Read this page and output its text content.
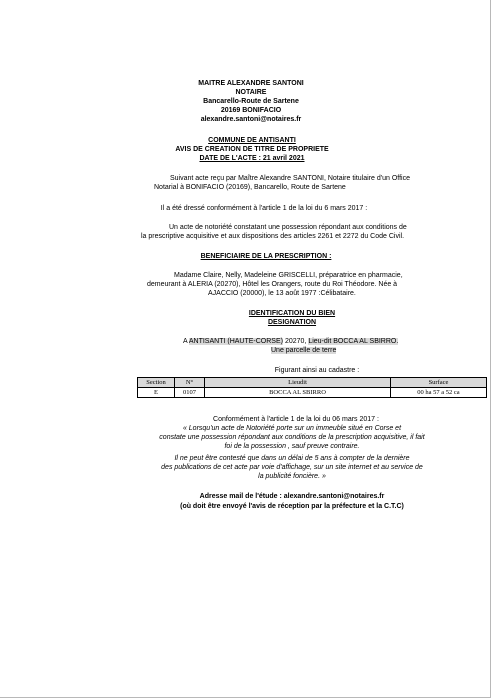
MAITRE ALEXANDRE SANTONI
NOTAIRE
Bancarello-Route de Sartene
20169 BONIFACIO
alexandre.santoni@notaires.fr
COMMUNE DE ANTISANTI
AVIS DE CREATION DE TITRE DE PROPRIETE
DATE DE L'ACTE : 21 avril 2021
Suivant acte reçu par Maître Alexandre SANTONI, Notaire titulaire d'un Office
Notarial à BONIFACIO (20169), Bancarello, Route de Sartene
Il a été dressé conformément à l'article 1 de la loi du 6 mars 2017 :
Un acte de notoriété constatant une possession répondant aux conditions de
la prescriptive acquisitive et aux dispositions des articles 2261 et 2272 du Code Civil.
BENEFICIAIRE DE LA PRESCRIPTION :
Madame Claire, Nelly, Madeleine GRISCELLI, préparatrice en pharmacie,
demeurant à ALERIA (20270), Hôtel les Orangers, route du Roi Théodore. Née à
AJACCIO (20000), le 13 août 1977 :Célibataire.
IDENTIFICATION DU BIEN
DESIGNATION
A ANTISANTI (HAUTE-CORSE) 20270, Lieu-dit BOCCA AL SBIRRO.
Une parcelle de terre
Figurant ainsi au cadastre :
Section	N°	Lieudit	Surface
E	0107	BOCCA AL SBIRRO	00 ha 57 a 52 ca
Conformément à l'article 1 de la loi du 06 mars 2017 :
« Lorsqu'un acte de Notoriété porte sur un immeuble situé en Corse et
constate une possession répondant aux conditions de la prescription acquisitive, il fait
foi de la possession , sauf preuve contraire.
Il ne peut être contesté que dans un délai de 5 ans à compter de la dernière
des publications de cet acte par voie d'affichage, sur un site internet et au service de
la publicité foncière. »
Adresse mail de l'étude : alexandre.santoni@notaires.fr
(où doit être envoyé l'avis de réception par la préfecture et la C.T.C)
